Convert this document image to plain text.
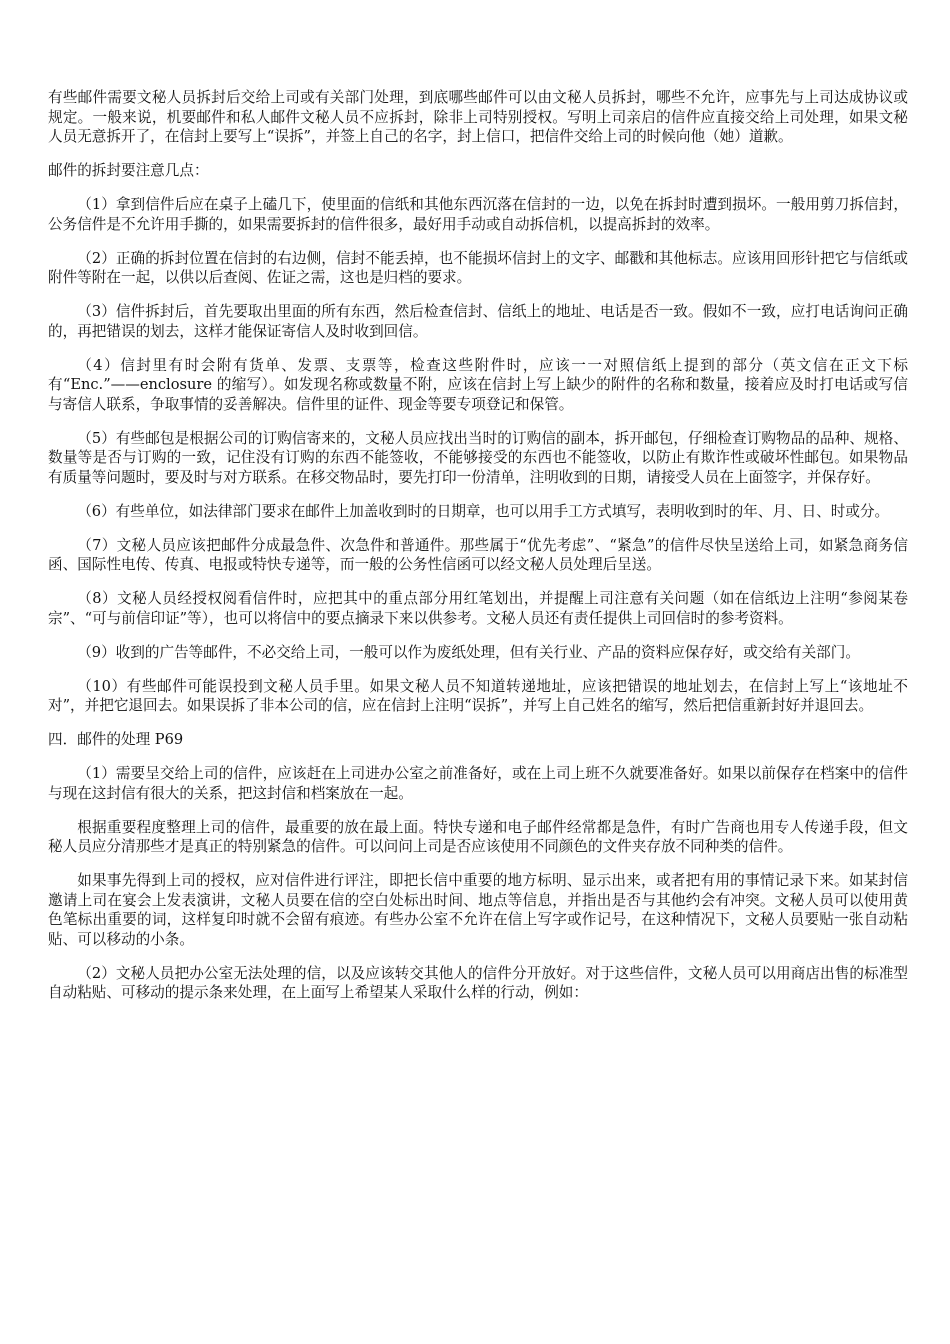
有些邮件需要文秘人员拆封后交给上司或有关部门处理，到底哪些邮件可以由文秘人员拆封，哪些不允许，应事先与上司达成协议或规定。一般来说，机要邮件和私人邮件文秘人员不应拆封，除非上司特别授权。写明上司亲启的信件应直接交给上司处理，如果文秘人员无意拆开了，在信封上要写上“误拆”，并签上自己的名字，封上信口，把信件交给上司的时候向他（她）道歉。

邮件的拆封要注意几点：

（1）拿到信件后应在桌子上磕几下，使里面的信纸和其他东西沉落在信封的一边，以免在拆封时遭到损坏。一般用剪刀拆信封，公务信件是不允许用手撕的，如果需要拆封的信件很多，最好用手动或自动拆信机，以提高拆封的效率。

（2）正确的拆封位置在信封的右边侧，信封不能丢掉，也不能损坏信封上的文字、邮戳和其他标志。应该用回形针把它与信纸或附件等附在一起，以供以后查阅、佐证之需，这也是归档的要求。

（3）信件拆封后，首先要取出里面的所有东西，然后检查信封、信纸上的地址、电话是否一致。假如不一致，应打电话询问正确的，再把错误的划去，这样才能保证寄信人及时收到回信。

（4）信封里有时会附有货单、发票、支票等，检查这些附件时，应该一一对照信纸上提到的部分（英文信在正文下标有“Enc.”——enclosure 的缩写）。如发现名称或数量不附，应该在信封上写上缺少的附件的名称和数量，接着应及时打电话或写信与寄信人联系，争取事情的妥善解决。信件里的证件、现金等要专项登记和保管。

（5）有些邮包是根据公司的订购信寄来的，文秘人员应找出当时的订购信的副本，拆开邮包，仔细检查订购物品的品种、规格、数量等是否与订购的一致，记住没有订购的东西不能签收，不能够接受的东西也不能签收，以防止有欺诈性或破坏性邮包。如果物品有质量等问题时，要及时与对方联系。在移交物品时，要先打印一份清单，注明收到的日期，请接受人员在上面签字，并保存好。

（6）有些单位，如法律部门要求在邮件上加盖收到时的日期章，也可以用手工方式填写，表明收到时的年、月、日、时或分。

（7）文秘人员应该把邮件分成最急件、次急件和普通件。那些属于“优先考虑”、“紧急”的信件尽快呈送给上司，如紧急商务信函、国际性电传、传真、电报或特快专递等，而一般的公务性信函可以经文秘人员处理后呈送。

（8）文秘人员经授权阅看信件时，应把其中的重点部分用红笔划出，并提醒上司注意有关问题（如在信纸边上注明“参阅某卷宗”、“可与前信印证”等），也可以将信中的要点摘录下来以供参考。文秘人员还有责任提供上司回信时的参考资料。

（9）收到的广告等邮件，不必交给上司，一般可以作为废纸处理，但有关行业、产品的资料应保存好，或交给有关部门。

（10）有些邮件可能误投到文秘人员手里。如果文秘人员不知道转递地址，应该把错误的地址划去，在信封上写上“该地址不对”，并把它退回去。如果误拆了非本公司的信，应在信封上注明“误拆”，并写上自己姓名的缩写，然后把信重新封好并退回去。

四．邮件的处理 P69

（1）需要呈交给上司的信件，应该赶在上司进办公室之前准备好，或在上司上班不久就要准备好。如果以前保存在档案中的信件与现在这封信有很大的关系，把这封信和档案放在一起。

根据重要程度整理上司的信件，最重要的放在最上面。特快专递和电子邮件经常都是急件，有时广告商也用专人传递手段，但文秘人员应分清那些才是真正的特别紧急的信件。可以问问上司是否应该使用不同颜色的文件夹存放不同种类的信件。

如果事先得到上司的授权，应对信件进行评注，即把长信中重要的地方标明、显示出来，或者把有用的事情记录下来。如某封信邀请上司在宴会上发表演讲，文秘人员要在信的空白处标出时间、地点等信息，并指出是否与其他约会有冲突。文秘人员可以使用黄色笔标出重要的词，这样复印时就不会留有痕迹。有些办公室不允许在信上写字或作记号，在这种情况下，文秘人员要贴一张自动粘贴、可以移动的小条。

（2）文秘人员把办公室无法处理的信，以及应该转交其他人的信件分开放好。对于这些信件，文秘人员可以用商店出售的标准型自动粘贴、可移动的提示条来处理，在上面写上希望某人采取什么样的行动，例如：
